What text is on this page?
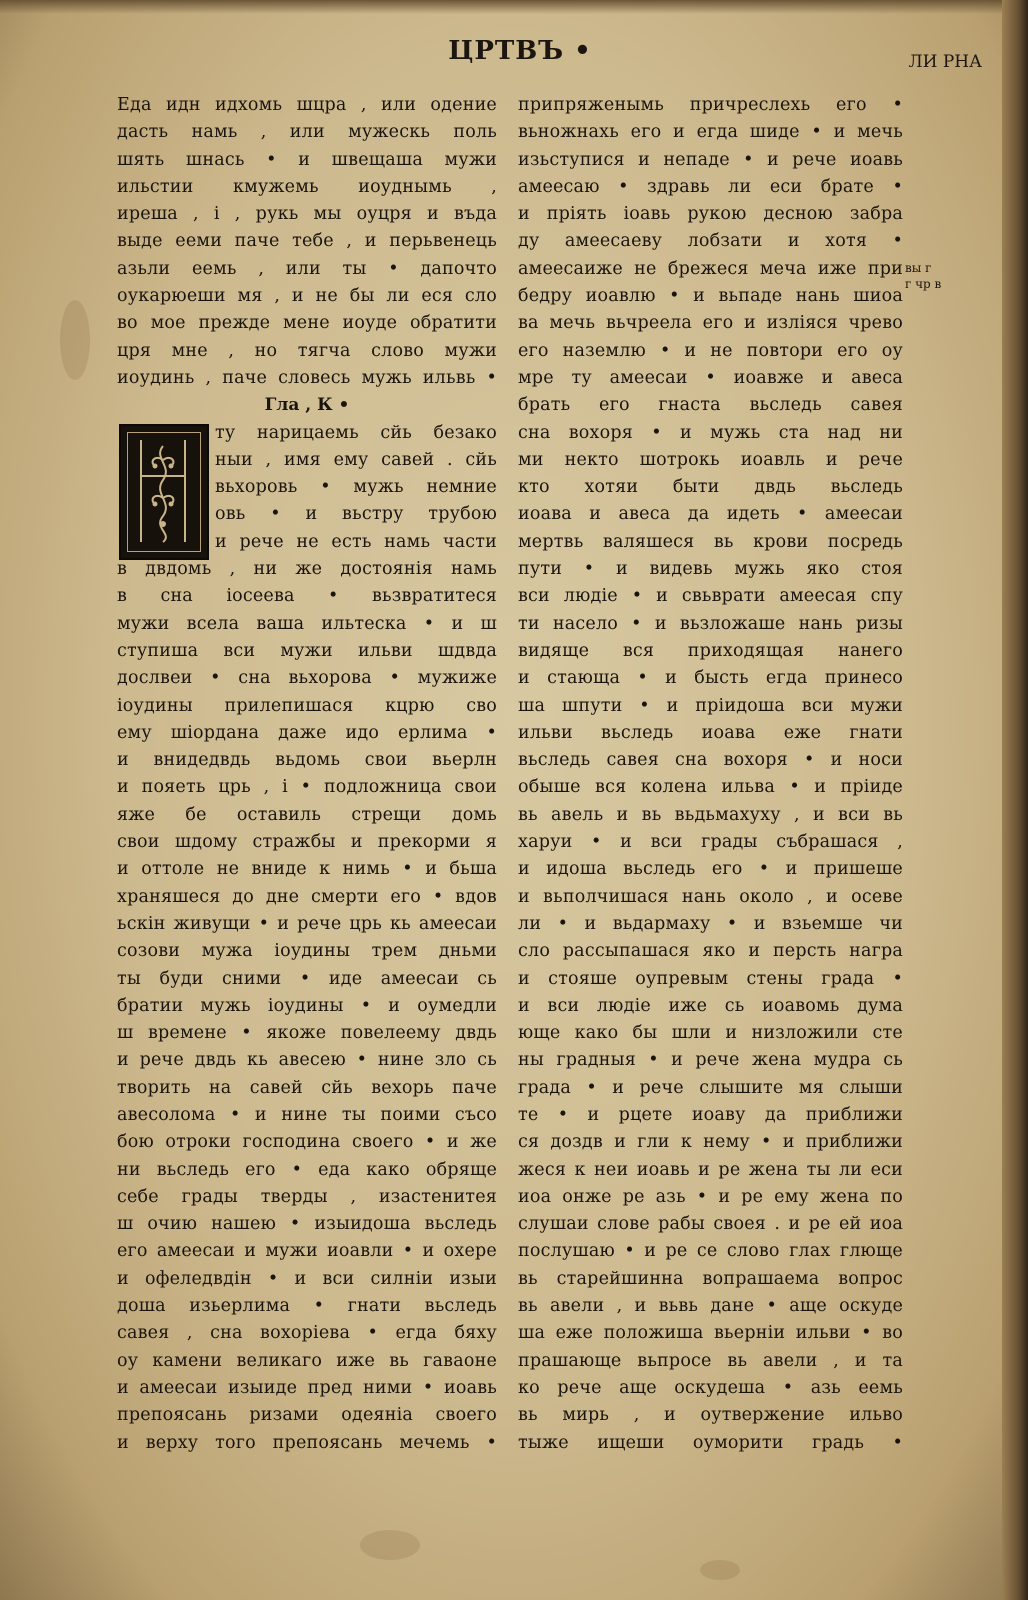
ЦРТВЪ •	ЛИ РНА
вы г
г чр в
Еда идн идхомь шцра , или одение
дасть намь , или мужескь поль
шять шнась • и швещаша мужи
ильстии кмужемь иоуднымь ,
иреша , і , рукь мы оуцря и въда
выде ееми паче тебе , и перьвенець
азьли еемь , или ты • дапочто
оукарюеши мя , и не бы ли еся сло
во мое прежде мене иоуде обратити
цря мне , но тягча слово мужи
иоудинь , паче словесь мужь ильвь •
Гла , К •
ту нарицаемь сйь безако
ныи , имя ему савей . сйь
вьхоровь • мужь немние
овь • и вьстру трубою
и рече не есть намь части
в двдомь , ни же достоянія намь
в сна іосеева • вьзвратитеся
мужи всела ваша ильтеска • и ш
ступиша вси мужи ильви шдвда
дослвеи • сна вьхорова • мужиже
іоудины прилепишася кцрю сво
ему шіордана даже идо ерлима •
и внидедвдь вьдомь свои вьерлн
и пояеть црь , і • подложница свои
яже бе оставиль стрещи домь
свои шдому стражбы и прекорми я
и оттоле не вниде к нимь • и бьша
храняшеся до дне смерти его • вдов
ьскін живущи • и рече црь кь амеесаи
созови мужа іоудины трем дньми
ты буди сними • иде амеесаи сь
братии мужь іоудины • и оумедли
ш времене • якоже повелеему двдь
и рече двдь кь авесею • нине зло сь
творить на савей сйь вехорь паче
авесолома • и нине ты поими съсо
бою отроки господина своего • и же
ни вьследь его • еда како обряще
себе грады тверды , изастенитея
ш очию нашею • изыидоша вьследь
его амеесаи и мужи иоавли • и охере
и офеледвдін • и вси силніи изыи
доша изьерлима • гнати вьследь
савея , сна вохоріева • егда бяху
оу камени великаго иже вь гаваоне
и амеесаи изыиде пред ними • иоавь
препоясань ризами одеяніа своего
и верху того препоясань мечемь •
припряженымь причреслехь его •
вьножнахь его и егда шиде • и мечь
изьступися и непаде • и рече иоавь
амеесаю • здравь ли еси брате •
и пріять іоавь рукою десною забра
ду амеесаеву лобзати и хотя •
амеесаиже не брежеся меча иже при
бедру иоавлю • и вьпаде нань шиоа
ва мечь вьчреела его и изліяся чрево
его наземлю • и не повтори его оу
мре ту амеесаи • иоавже и авеса
брать его гнаста вьследь савея
сна вохоря • и мужь ста над ни
ми некто шотрокь иоавль и рече
кто хотяи быти двдь вьследь
иоава и авеса да идеть • амеесаи
мертвь валяшеся вь крови посредь
пути • и видевь мужь яко стоя
вси людіе • и свьврати амеесая спу
ти насело • и вьзложаше нань ризы
видяще вся приходящая нанего
и стающа • и бысть егда принесо
ша шпути • и пріидоша вси мужи
ильви вьследь иоава еже гнати
вьследь савея сна вохоря • и носи
обыше вся колена ильва • и пріиде
вь авель и вь вьдьмахуху , и вси вь
харуи • и вси грады събрашася ,
и идоша вьследь его • и пришеше
и вьполчишася нань около , и осеве
ли • и вьдармаху • и взьемше чи
сло рассыпашася яко и персть награ
и стояше оупревым стены града •
и вси людіе иже сь иоавомь дума
юще како бы шли и низложили сте
ны градныя • и рече жена мудра сь
града • и рече слышите мя слыши
те • и рцете иоаву да приближи
ся доздв и гли к нему • и приближи
жеся к неи иоавь и ре жена ты ли еси
иоа онже ре азь • и ре ему жена по
слушаи слове рабы своея . и ре ей иоа
послушаю • и ре се слово глах глюще
вь старейшинна вопрашаема вопрос
вь авели , и вьвь дане • аще оскуде
ша еже положиша вьерніи ильви • во
прашающе вьпросе вь авели , и та
ко рече аще оскудеша • азь еемь
вь мирь , и оутвержение ильво
тыже ищеши оуморити градь •
